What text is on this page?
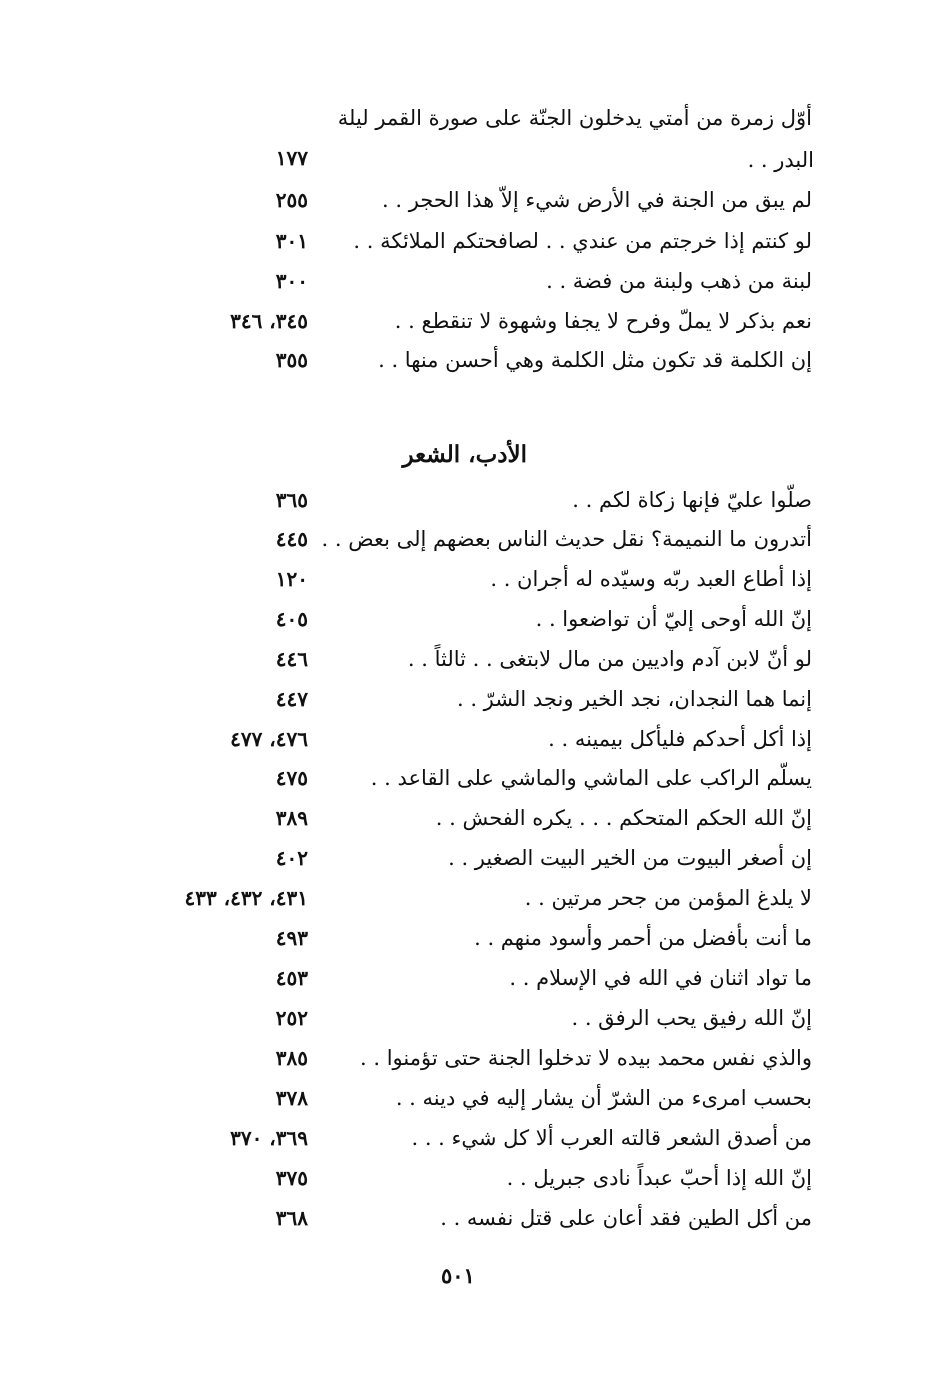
أوّل زمرة من أمتي يدخلون الجنّة على صورة القمر ليلة
البدر . .
١٧٧
لم يبق من الجنة في الأرض شيء إلاّ هذا الحجر . .
٢٥٥
لو كنتم إذا خرجتم من عندي . . لصافحتكم الملائكة . .
٣٠١
لبنة من ذهب ولبنة من فضة . .
٣٠٠
نعم بذكر لا يملّ وفرح لا يجفا وشهوة لا تنقطع . .
٣٤٥، ٣٤٦
إن الكلمة قد تكون مثل الكلمة وهي أحسن منها . .
٣٥٥
الأدب، الشعر
صلّوا عليّ فإنها زكاة لكم . .
٣٦٥
أتدرون ما النميمة؟ نقل حديث الناس بعضهم إلى بعض . .
٤٤٥
إذا أطاع العبد ربّه وسيّده له أجران . .
١٢٠
إنّ الله أوحى إليّ أن تواضعوا . .
٤٠٥
لو أنّ لابن آدم واديين من مال لابتغى . . ثالثاً . .
٤٤٦
إنما هما النجدان، نجد الخير ونجد الشرّ . .
٤٤٧
إذا أكل أحدكم فليأكل بيمينه . .
٤٧٦، ٤٧٧
يسلّم الراكب على الماشي والماشي على القاعد . .
٤٧٥
إنّ الله الحكم المتحكم . . . يكره الفحش . .
٣٨٩
إن أصغر البيوت من الخير البيت الصغير . .
٤٠٢
لا يلدغ المؤمن من جحر مرتين . .
٤٣١، ٤٣٢، ٤٣٣
ما أنت بأفضل من أحمر وأسود منهم . .
٤٩٣
ما تواد اثنان في الله في الإسلام . .
٤٥٣
إنّ الله رفيق يحب الرفق . .
٢٥٢
والذي نفس محمد بيده لا تدخلوا الجنة حتى تؤمنوا . .
٣٨٥
بحسب امرىء من الشرّ أن يشار إليه في دينه . .
٣٧٨
من أصدق الشعر قالته العرب ألا كل شيء . . .
٣٦٩، ٣٧٠
إنّ الله إذا أحبّ عبداً نادى جبريل . .
٣٧٥
من أكل الطين فقد أعان على قتل نفسه . .
٣٦٨
٥٠١
